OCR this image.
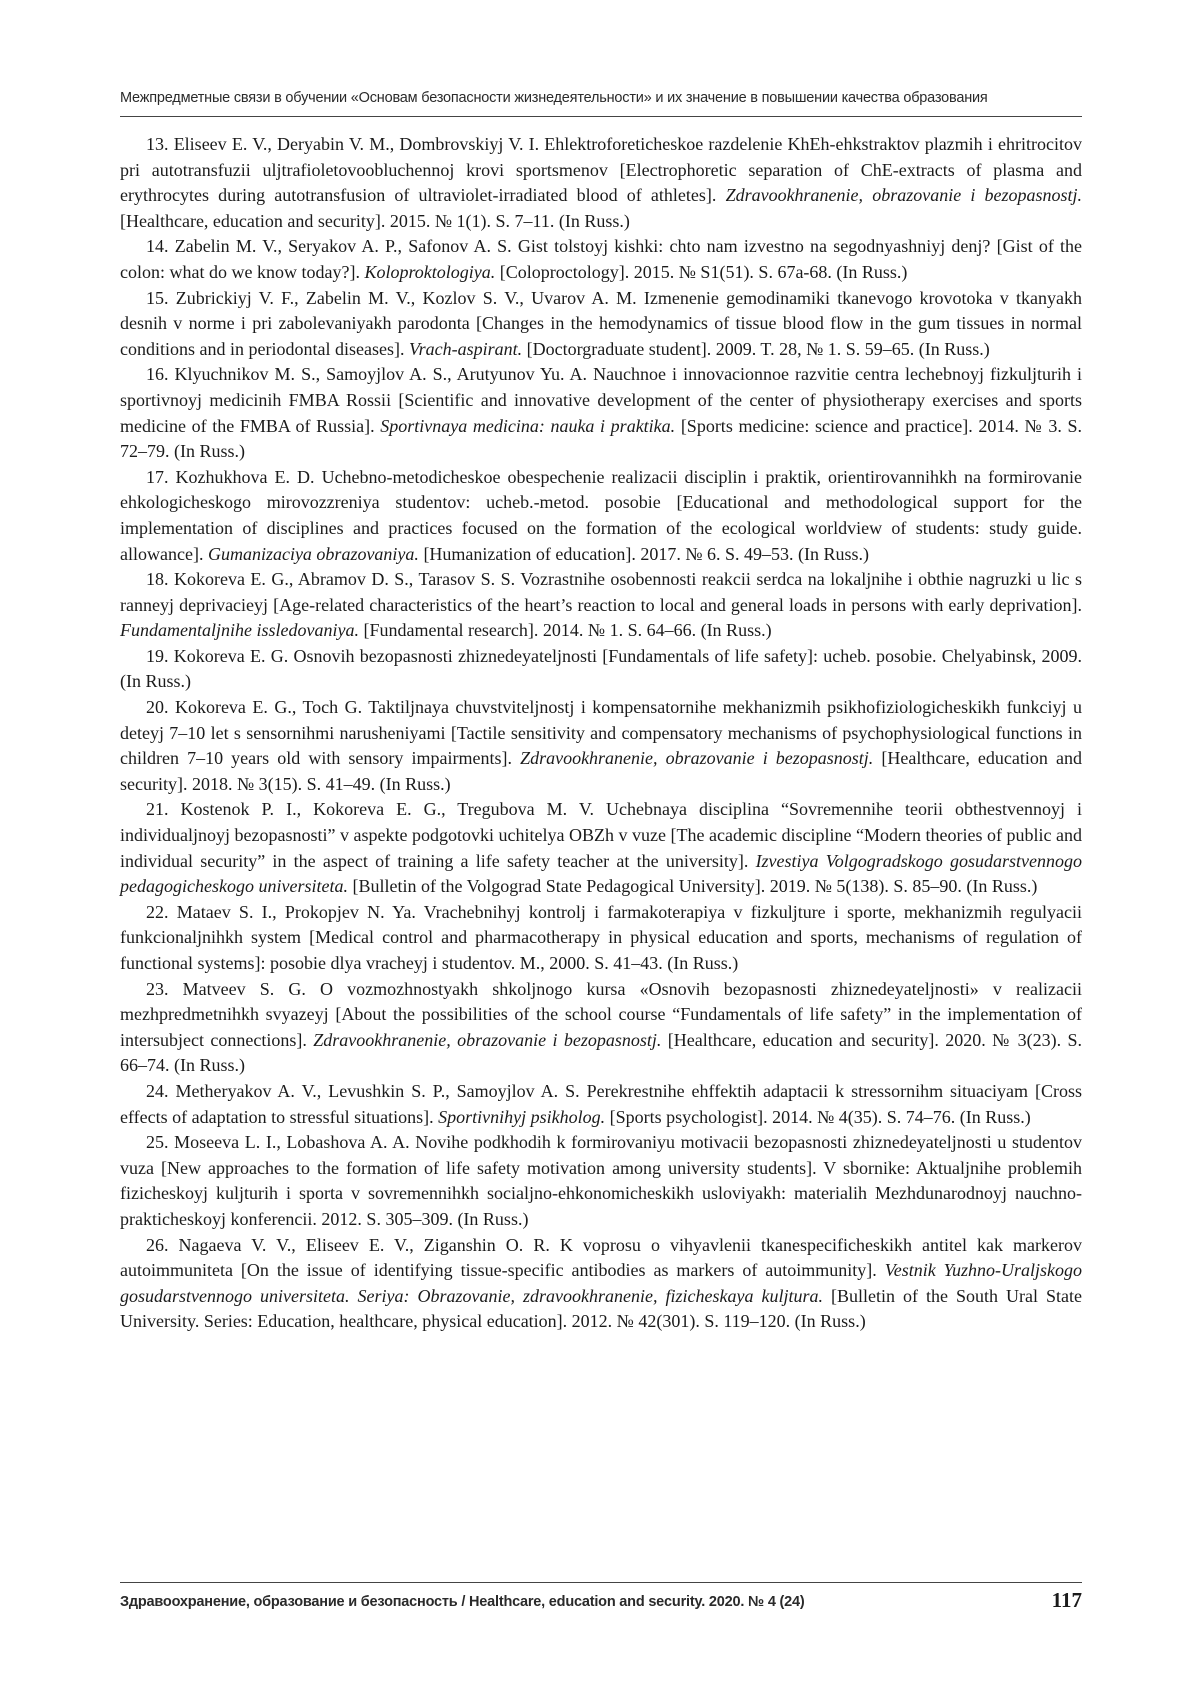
Межпредметные связи в обучении «Основам безопасности жизнедеятельности» и их значение в повышении качества образования

13. Eliseev E. V., Deryabin V. M., Dombrovskiyj V. I. Ehlektroforeticheskoe razdelenie KhEh-ehkstraktov plazmih i ehritrocitov pri autotransfuzii uljtrafioletovoobluchennoj krovi sportsmenov [Electrophoretic separation of ChE-extracts of plasma and erythrocytes during autotransfusion of ultraviolet-irradiated blood of athletes]. Zdravookhranenie, obrazovanie i bezopasnostj. [Healthcare, education and security]. 2015. № 1(1). S. 7–11. (In Russ.)

14. Zabelin M. V., Seryakov A. P., Safonov A. S. Gist tolstoyj kishki: chto nam izvestno na segodnyashniyj denj? [Gist of the colon: what do we know today?]. Koloproktologiya. [Coloproctology]. 2015. № S1(51). S. 67a-68. (In Russ.)

15. Zubrickiyj V. F., Zabelin M. V., Kozlov S. V., Uvarov A. M. Izmenenie gemodinamiki tkanevogo krovotoka v tkanyakh desnih v norme i pri zabolevaniyakh parodonta [Changes in the hemodynamics of tissue blood flow in the gum tissues in normal conditions and in periodontal diseases]. Vrach-aspirant. [Doctorgraduate student]. 2009. T. 28, № 1. S. 59–65. (In Russ.)

16. Klyuchnikov M. S., Samoyjlov A. S., Arutyunov Yu. A. Nauchnoe i innovacionnoe razvitie centra lechebnoyj fizkuljturih i sportivnoyj medicinih FMBA Rossii [Scientific and innovative development of the center of physiotherapy exercises and sports medicine of the FMBA of Russia]. Sportivnaya medicina: nauka i praktika. [Sports medicine: science and practice]. 2014. № 3. S. 72–79. (In Russ.)

17. Kozhukhova E. D. Uchebno-metodicheskoe obespechenie realizacii disciplin i praktik, orientirovannihkh na formirovanie ehkologicheskogo mirovozzreniya studentov: ucheb.-metod. posobie [Educational and methodological support for the implementation of disciplines and practices focused on the formation of the ecological worldview of students: study guide. allowance]. Gumanizaciya obrazovaniya. [Humanization of education]. 2017. № 6. S. 49–53. (In Russ.)

18. Kokoreva E. G., Abramov D. S., Tarasov S. S. Vozrastnihe osobennosti reakcii serdca na lokaljnihe i obthie nagruzki u lic s ranneyj deprivacieyj [Age-related characteristics of the heart’s reaction to local and general loads in persons with early deprivation]. Fundamentaljnihe issledovaniya. [Fundamental research]. 2014. № 1. S. 64–66. (In Russ.)

19. Kokoreva E. G. Osnovih bezopasnosti zhiznedeyateljnosti [Fundamentals of life safety]: ucheb. posobie. Chelyabinsk, 2009. (In Russ.)

20. Kokoreva E. G., Toch G. Taktiljnaya chuvstviteljnostj i kompensatornihe mekhanizmih psikhofiziologicheskikh funkciyj u deteyj 7–10 let s sensornihmi narusheniyami [Tactile sensitivity and compensatory mechanisms of psychophysiological functions in children 7–10 years old with sensory impairments]. Zdravookhranenie, obrazovanie i bezopasnostj. [Healthcare, education and security]. 2018. № 3(15). S. 41–49. (In Russ.)

21. Kostenok P. I., Kokoreva E. G., Tregubova M. V. Uchebnaya disciplina “Sovremennihe teorii obthestvennoyj i individualjnoyj bezopasnosti” v aspekte podgotovki uchitelya OBZh v vuze [The academic discipline “Modern theories of public and individual security” in the aspect of training a life safety teacher at the university]. Izvestiya Volgogradskogo gosudarstvennogo pedagogicheskogo universiteta. [Bulletin of the Volgograd State Pedagogical University]. 2019. № 5(138). S. 85–90. (In Russ.)

22. Mataev S. I., Prokopjev N. Ya. Vrachebnihyj kontrolj i farmakoterapiya v fizkuljture i sporte, mekhanizmih regulyacii funkcionaljnihkh system [Medical control and pharmacotherapy in physical education and sports, mechanisms of regulation of functional systems]: posobie dlya vracheyj i studentov. M., 2000. S. 41–43. (In Russ.)

23. Matveev S. G. O vozmozhnostyakh shkoljnogo kursa «Osnovih bezopasnosti zhiznedeyateljnosti» v realizacii mezhpredmetnihkh svyazeyj [About the possibilities of the school course “Fundamentals of life safety” in the implementation of intersubject connections]. Zdravookhranenie, obrazovanie i bezopasnostj. [Healthcare, education and security]. 2020. № 3(23). S. 66–74. (In Russ.)

24. Metheryakov A. V., Levushkin S. P., Samoyjlov A. S. Perekrestnihe ehffektih adaptacii k stressornihm situaciyam [Cross effects of adaptation to stressful situations]. Sportivnihyj psikholog. [Sports psychologist]. 2014. № 4(35). S. 74–76. (In Russ.)

25. Moseeva L. I., Lobashova A. A. Novihe podkhodih k formirovaniyu motivacii bezopasnosti zhiznedeyateljnosti u studentov vuza [New approaches to the formation of life safety motivation among university students]. V sbornike: Aktualjnihe problemih fizicheskoyj kuljturih i sporta v sovremennihkh socialjno-ehkonomicheskikh usloviyakh: materialih Mezhdunarodnoyj nauchno-prakticheskoyj konferencii. 2012. S. 305–309. (In Russ.)

26. Nagaeva V. V., Eliseev E. V., Ziganshin O. R. K voprosu o vihyavlenii tkanespecificheskikh antitel kak markerov autoimmuniteta [On the issue of identifying tissue-specific antibodies as markers of autoimmunity]. Vestnik Yuzhno-Uraljskogo gosudarstvennogo universiteta. Seriya: Obrazovanie, zdravookhranenie, fizicheskaya kuljtura. [Bulletin of the South Ural State University. Series: Education, healthcare, physical education]. 2012. № 42(301). S. 119–120. (In Russ.)

Здравоохранение, образование и безопасность / Healthcare, education and security. 2020. № 4 (24)	117
